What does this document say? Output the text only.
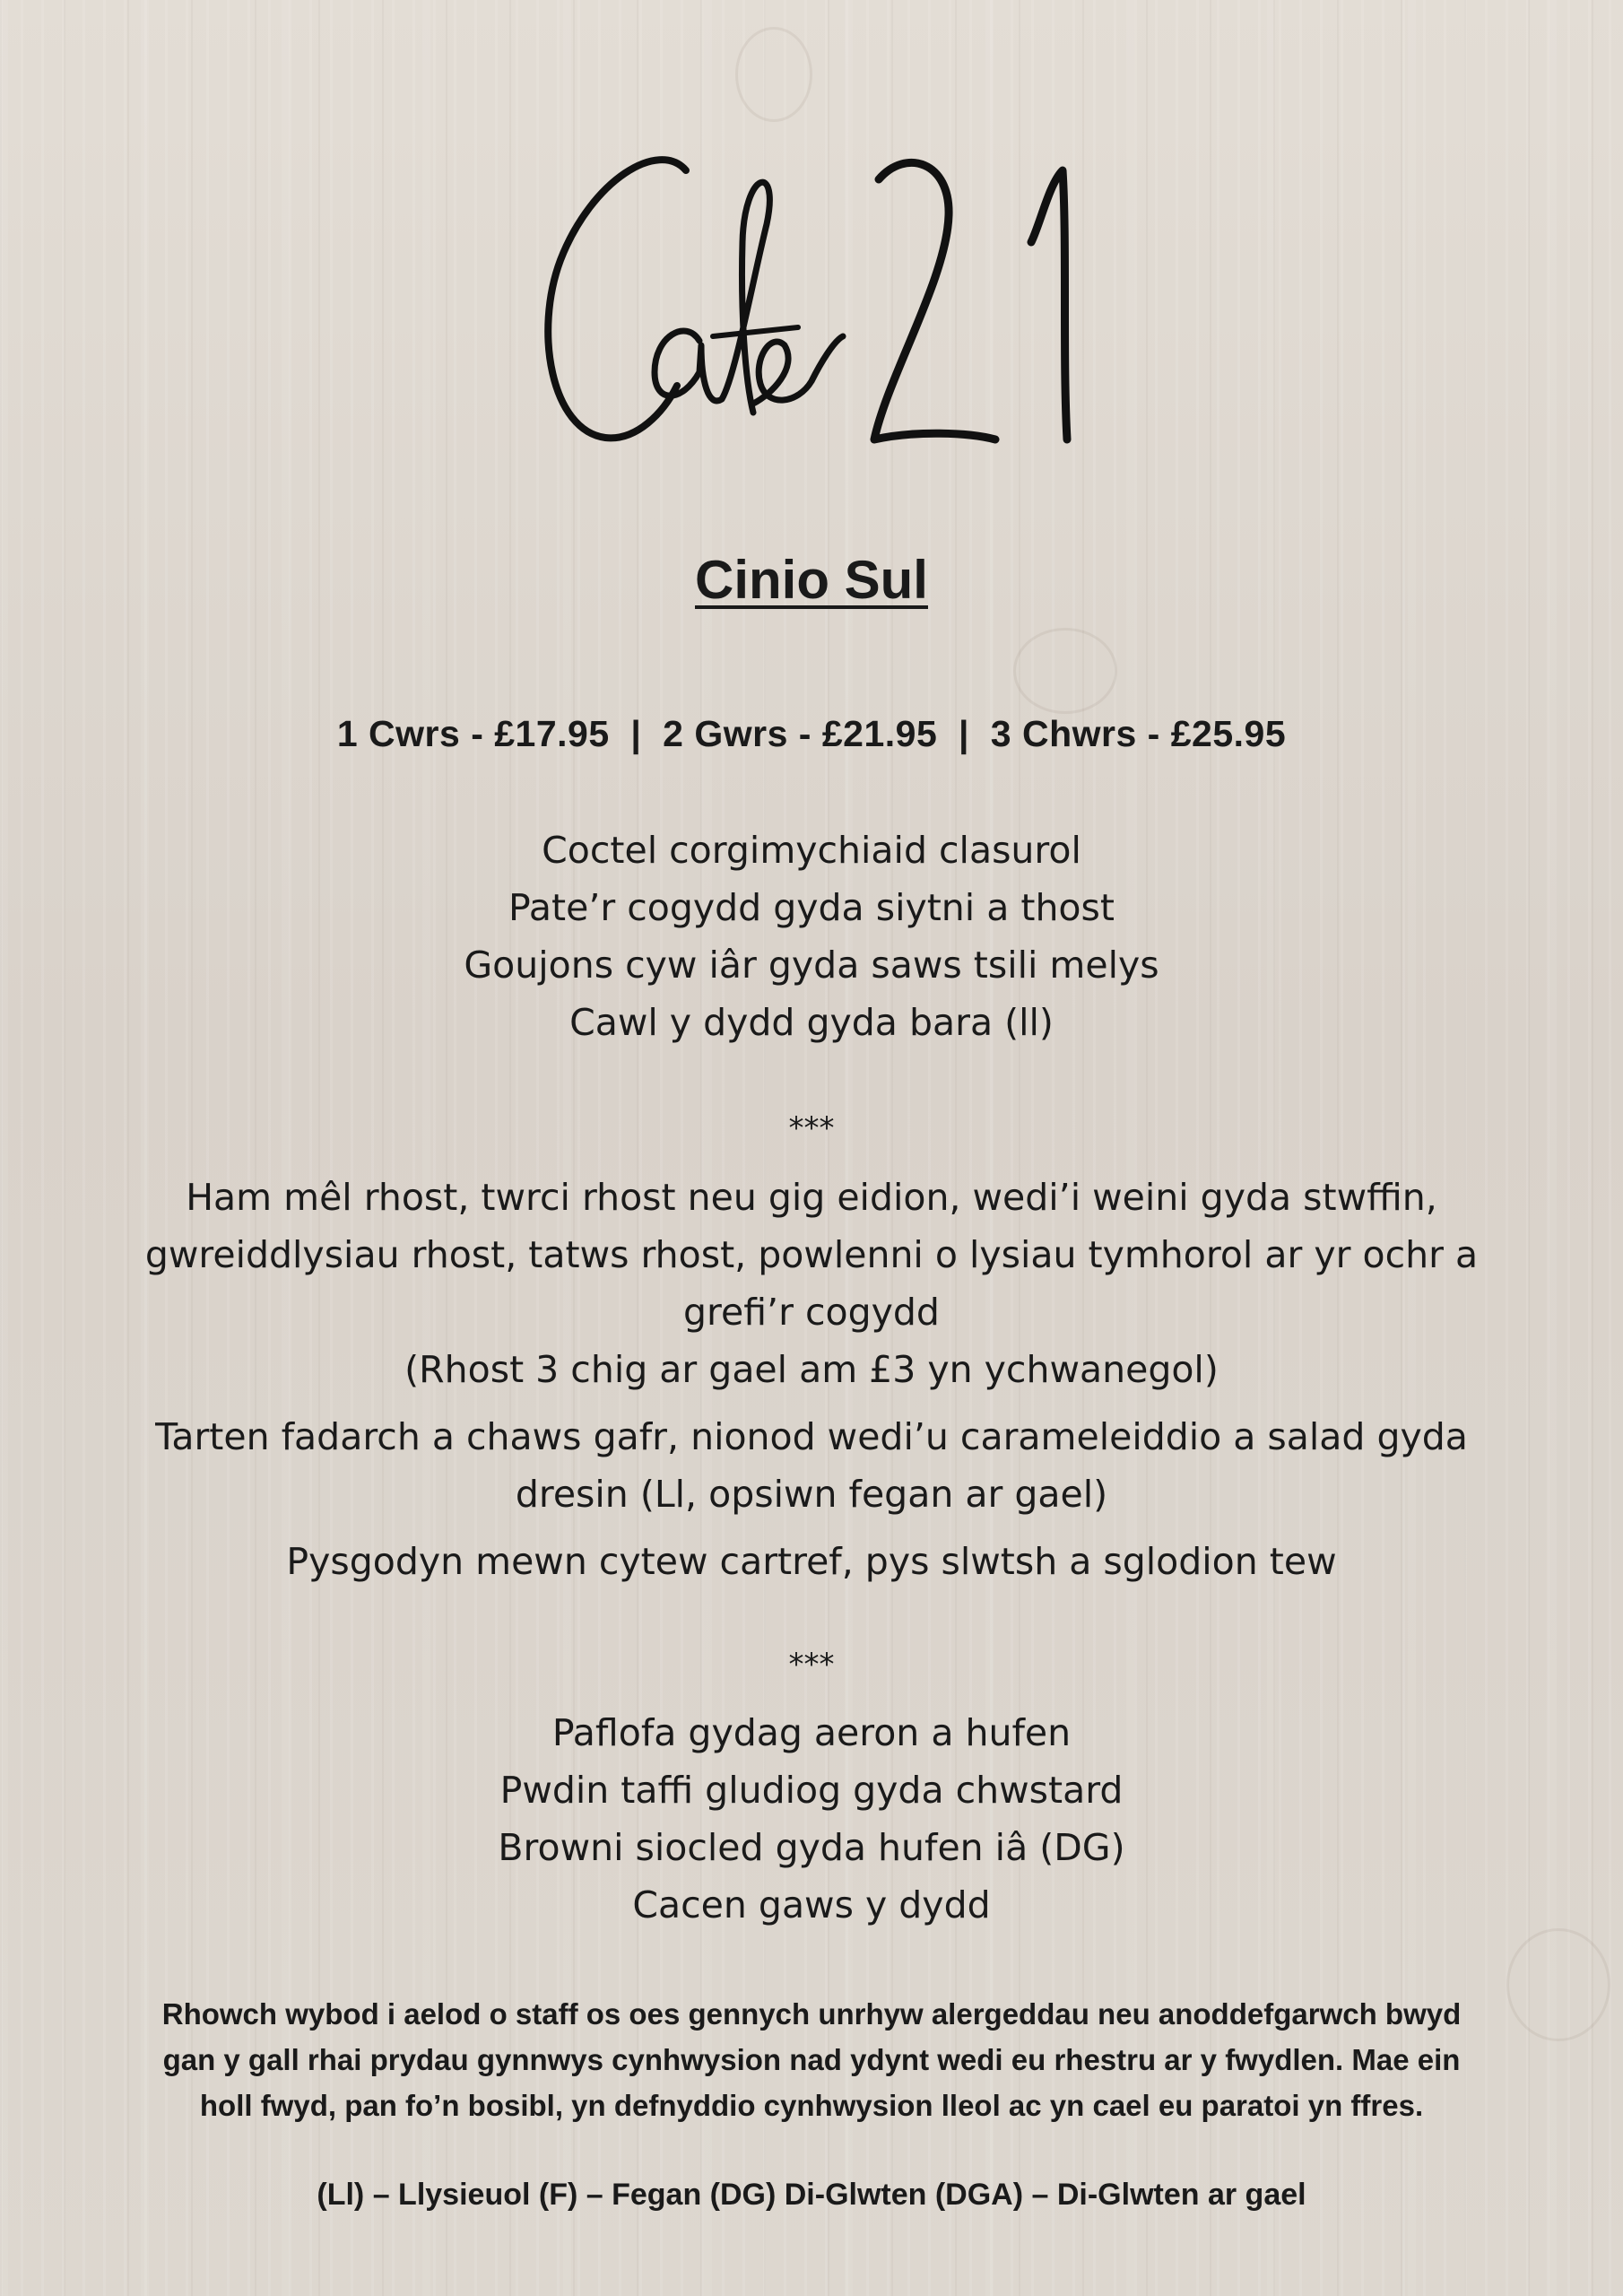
Cinio Sul
1 Cwrs - £17.95  |  2 Gwrs - £21.95  |  3 Chwrs - £25.95
Coctel corgimychiaid clasurol
Pate’r cogydd gyda siytni a thost
Goujons cyw iâr gyda saws tsili melys
Cawl y dydd gyda bara (ll)
***
Ham mêl rhost, twrci rhost neu gig eidion, wedi’i weini gyda stwffin,
gwreiddlysiau rhost, tatws rhost, powlenni o lysiau tymhorol ar yr ochr a
grefi’r cogydd
(Rhost 3 chig ar gael am £3 yn ychwanegol)
Tarten fadarch a chaws gafr, nionod wedi’u carameleiddio a salad gyda
dresin (Ll, opsiwn fegan ar gael)
Pysgodyn mewn cytew cartref, pys slwtsh a sglodion tew
***
Paflofa gydag aeron a hufen
Pwdin taffi gludiog gyda chwstard
Browni siocled gyda hufen iâ (DG)
Cacen gaws y dydd
Rhowch wybod i aelod o staff os oes gennych unrhyw alergeddau neu anoddefgarwch bwyd
gan y gall rhai prydau gynnwys cynhwysion nad ydynt wedi eu rhestru ar y fwydlen. Mae ein
holl fwyd, pan fo’n bosibl, yn defnyddio cynhwysion lleol ac yn cael eu paratoi yn ffres.
(Ll) – Llysieuol (F) – Fegan (DG) Di-Glwten (DGA) – Di-Glwten ar gael
